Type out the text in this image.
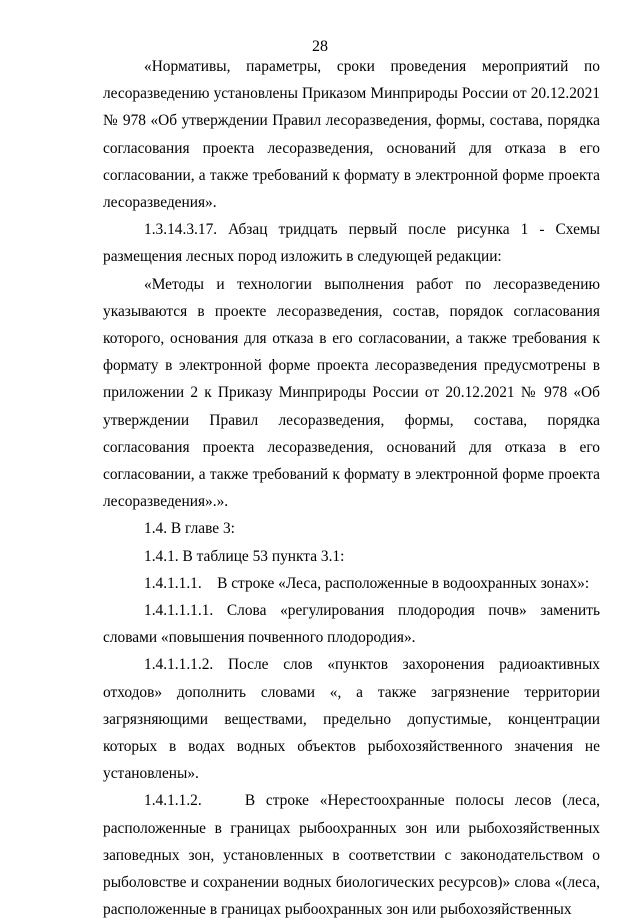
28

«Нормативы, параметры, сроки проведения мероприятий по лесоразведению установлены Приказом Минприроды России от 20.12.2021 № 978 «Об утверждении Правил лесоразведения, формы, состава, порядка согласования проекта лесоразведения, оснований для отказа в его согласовании, а также требований к формату в электронной форме проекта лесоразведения».

1.3.14.3.17. Абзац тридцать первый после рисунка 1 - Схемы размещения лесных пород изложить в следующей редакции:

«Методы и технологии выполнения работ по лесоразведению указываются в проекте лесоразведения, состав, порядок согласования которого, основания для отказа в его согласовании, а также требования к формату в электронной форме проекта лесоразведения предусмотрены в приложении 2 к Приказу Минприроды России от 20.12.2021 № 978 «Об утверждении Правил лесоразведения, формы, состава, порядка согласования проекта лесоразведения, оснований для отказа в его согласовании, а также требований к формату в электронной форме проекта лесоразведения».».

1.4. В главе 3:

1.4.1. В таблице 53 пункта 3.1:

1.4.1.1.1.    В строке «Леса, расположенные в водоохранных зонах»:

1.4.1.1.1.1. Слова «регулирования плодородия почв» заменить словами «повышения почвенного плодородия».

1.4.1.1.1.2. После слов «пунктов захоронения радиоактивных отходов» дополнить словами «, а также загрязнение территории загрязняющими веществами, предельно допустимые, концентрации которых в водах водных объектов рыбохозяйственного значения не установлены».

1.4.1.1.2.    В строке «Нерестоохранные полосы лесов (леса, расположенные в границах рыбоохранных зон или рыбохозяйственных заповедных зон, установленных в соответствии с законодательством о рыболовстве и сохранении водных биологических ресурсов)» слова «(леса, расположенные в границах рыбоохранных зон или рыбохозяйственных
